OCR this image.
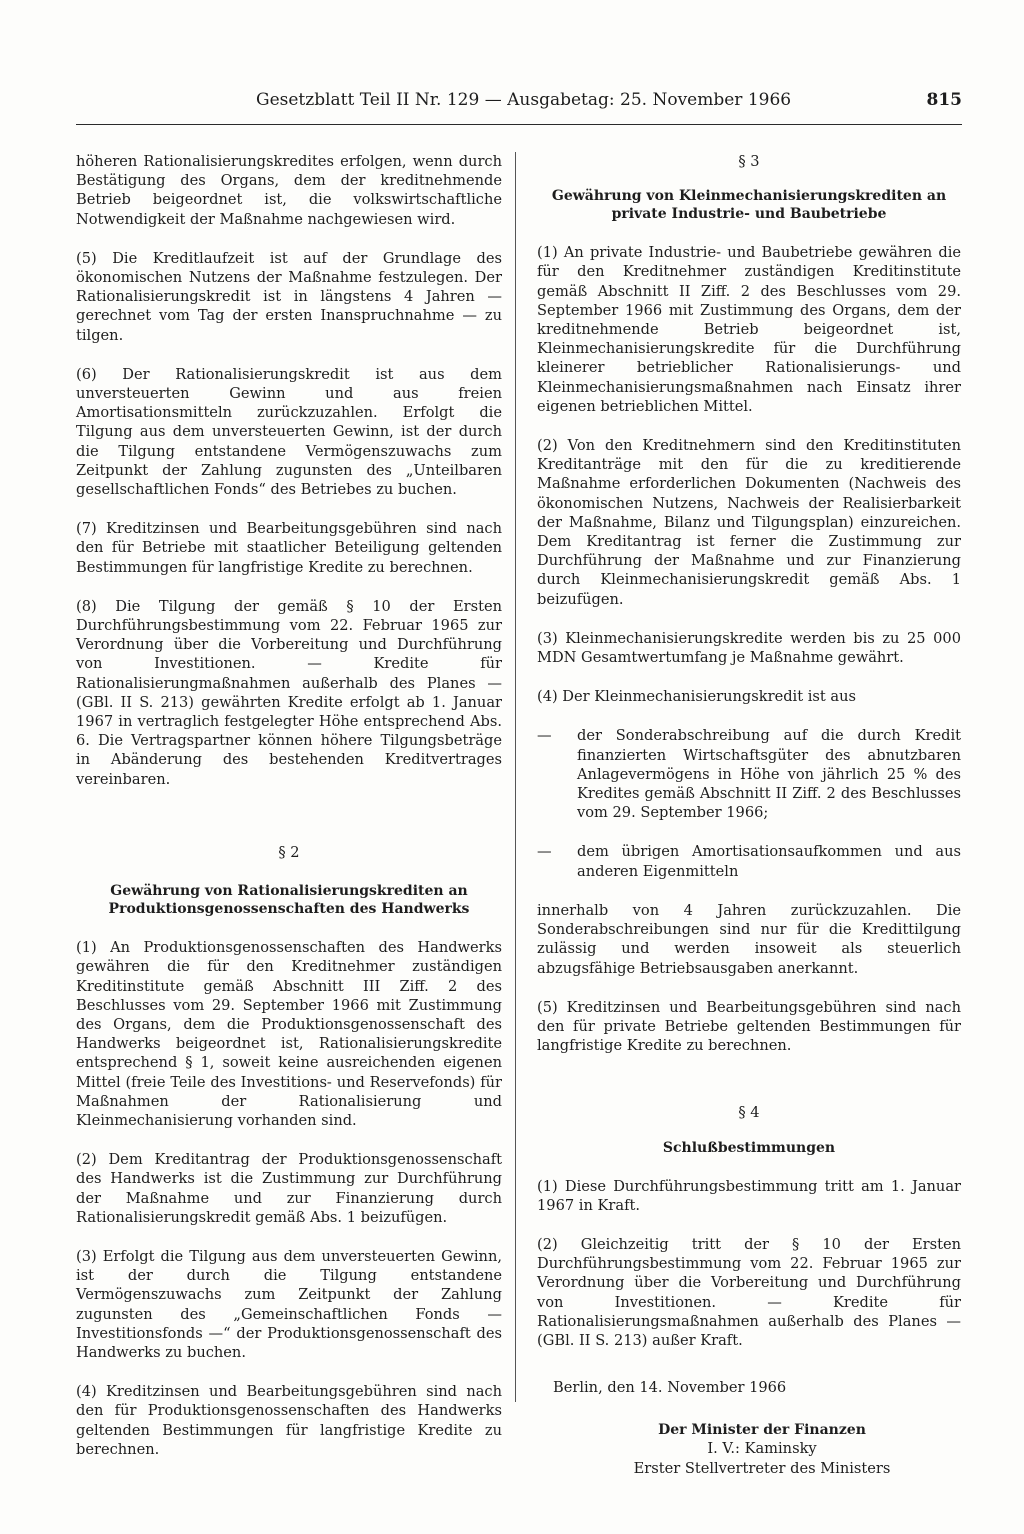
Gesetzblatt Teil II Nr. 129 — Ausgabetag: 25. November 1966	815

höheren Rationalisierungskredites erfolgen, wenn durch Bestätigung des Organs, dem der kreditnehmende Betrieb beigeordnet ist, die volkswirtschaftliche Notwendigkeit der Maßnahme nachgewiesen wird.

(5) Die Kreditlaufzeit ist auf der Grundlage des ökonomischen Nutzens der Maßnahme festzulegen. Der Rationalisierungskredit ist in längstens 4 Jahren — gerechnet vom Tag der ersten Inanspruchnahme — zu tilgen.

(6) Der Rationalisierungskredit ist aus dem unversteuerten Gewinn und aus freien Amortisationsmitteln zurückzuzahlen. Erfolgt die Tilgung aus dem unversteuerten Gewinn, ist der durch die Tilgung entstandene Vermögenszuwachs zum Zeitpunkt der Zahlung zugunsten des „Unteilbaren gesellschaftlichen Fonds“ des Betriebes zu buchen.

(7) Kreditzinsen und Bearbeitungsgebühren sind nach den für Betriebe mit staatlicher Beteiligung geltenden Bestimmungen für langfristige Kredite zu berechnen.

(8) Die Tilgung der gemäß § 10 der Ersten Durchführungsbestimmung vom 22. Februar 1965 zur Verordnung über die Vorbereitung und Durchführung von Investitionen. — Kredite für Rationalisierungmaßnahmen außerhalb des Planes — (GBl. II S. 213) gewährten Kredite erfolgt ab 1. Januar 1967 in vertraglich festgelegter Höhe entsprechend Abs. 6. Die Vertragspartner können höhere Tilgungsbeträge in Abänderung des bestehenden Kreditvertrages vereinbaren.

§ 2

Gewährung von Rationalisierungskrediten an

Produktionsgenossenschaften des Handwerks

(1) An Produktionsgenossenschaften des Handwerks gewähren die für den Kreditnehmer zuständigen Kreditinstitute gemäß Abschnitt III Ziff. 2 des Beschlusses vom 29. September 1966 mit Zustimmung des Organs, dem die Produktionsgenossenschaft des Handwerks beigeordnet ist, Rationalisierungskredite entsprechend § 1, soweit keine ausreichenden eigenen Mittel (freie Teile des Investitions- und Reservefonds) für Maßnahmen der Rationalisierung und Kleinmechanisierung vorhanden sind.

(2) Dem Kreditantrag der Produktionsgenossenschaft des Handwerks ist die Zustimmung zur Durchführung der Maßnahme und zur Finanzierung durch Rationalisierungskredit gemäß Abs. 1 beizufügen.

(3) Erfolgt die Tilgung aus dem unversteuerten Gewinn, ist der durch die Tilgung entstandene Vermögenszuwachs zum Zeitpunkt der Zahlung zugunsten des „Gemeinschaftlichen Fonds — Investitionsfonds —“ der Produktionsgenossenschaft des Handwerks zu buchen.

(4) Kreditzinsen und Bearbeitungsgebühren sind nach den für Produktionsgenossenschaften des Handwerks geltenden Bestimmungen für langfristige Kredite zu berechnen.

§ 3

Gewährung von Kleinmechanisierungskrediten an

private Industrie- und Baubetriebe

(1) An private Industrie- und Baubetriebe gewähren die für den Kreditnehmer zuständigen Kreditinstitute gemäß Abschnitt II Ziff. 2 des Beschlusses vom 29. September 1966 mit Zustimmung des Organs, dem der kreditnehmende Betrieb beigeordnet ist, Kleinmechanisierungskredite für die Durchführung kleinerer betrieblicher Rationalisierungs- und Kleinmechanisierungsmaßnahmen nach Einsatz ihrer eigenen betrieblichen Mittel.

(2) Von den Kreditnehmern sind den Kreditinstituten Kreditanträge mit den für die zu kreditierende Maßnahme erforderlichen Dokumenten (Nachweis des ökonomischen Nutzens, Nachweis der Realisierbarkeit der Maßnahme, Bilanz und Tilgungsplan) einzureichen. Dem Kreditantrag ist ferner die Zustimmung zur Durchführung der Maßnahme und zur Finanzierung durch Kleinmechanisierungskredit gemäß Abs. 1 beizufügen.

(3) Kleinmechanisierungskredite werden bis zu 25 000 MDN Gesamtwertumfang je Maßnahme gewährt.

(4) Der Kleinmechanisierungskredit ist aus

— der Sonderabschreibung auf die durch Kredit finanzierten Wirtschaftsgüter des abnutzbaren Anlagevermögens in Höhe von jährlich 25 % des Kredites gemäß Abschnitt II Ziff. 2 des Beschlusses vom 29. September 1966;

— dem übrigen Amortisationsaufkommen und aus anderen Eigenmitteln

innerhalb von 4 Jahren zurückzuzahlen. Die Sonderabschreibungen sind nur für die Kredittilgung zulässig und werden insoweit als steuerlich abzugsfähige Betriebsausgaben anerkannt.

(5) Kreditzinsen und Bearbeitungsgebühren sind nach den für private Betriebe geltenden Bestimmungen für langfristige Kredite zu berechnen.

§ 4

Schlußbestimmungen

(1) Diese Durchführungsbestimmung tritt am 1. Januar 1967 in Kraft.

(2) Gleichzeitig tritt der § 10 der Ersten Durchführungsbestimmung vom 22. Februar 1965 zur Verordnung über die Vorbereitung und Durchführung von Investitionen. — Kredite für Rationalisierungsmaßnahmen außerhalb des Planes — (GBl. II S. 213) außer Kraft.

Berlin, den 14. November 1966

Der Minister der Finanzen

I. V.: Kaminsky

Erster Stellvertreter des Ministers
